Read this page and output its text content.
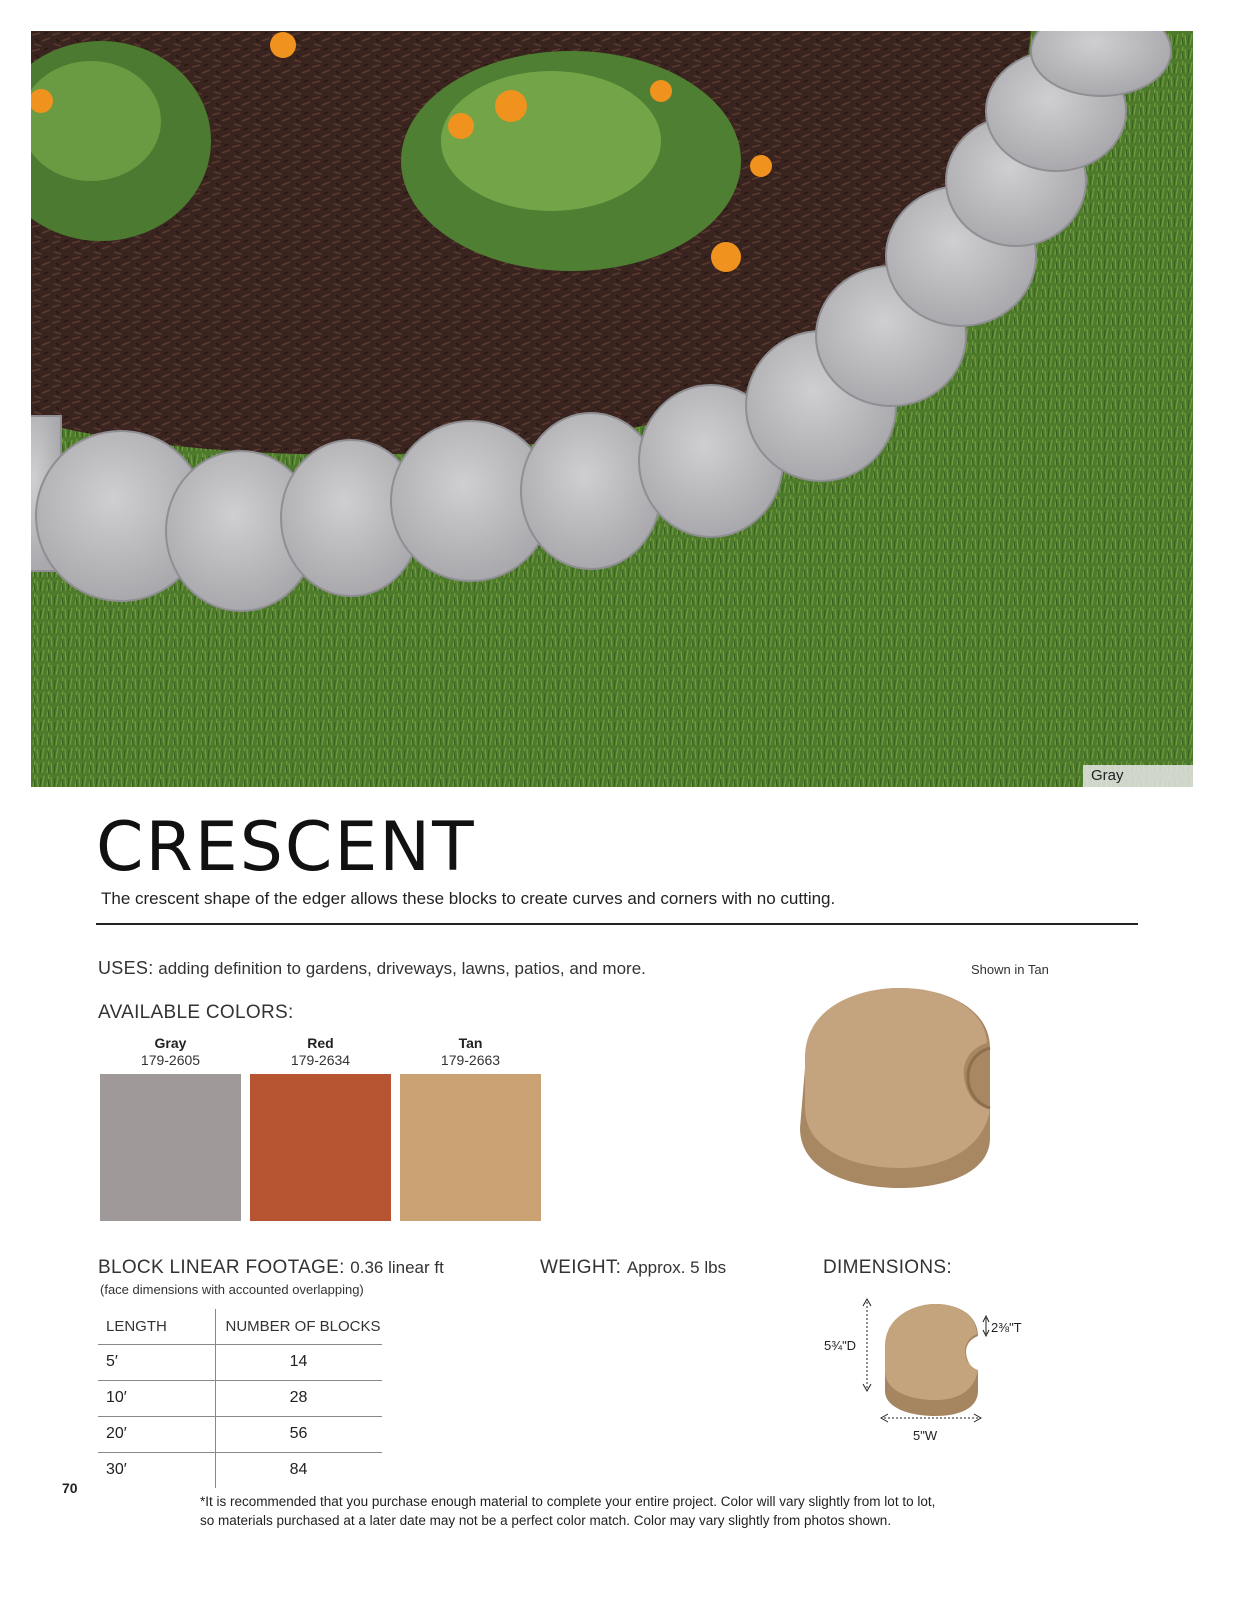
Gray
CRESCENT
The crescent shape of the edger allows these blocks to create curves and corners with no cutting.
USES: adding definition to gardens, driveways, lawns, patios, and more.	Shown in Tan
AVAILABLE COLORS:
Gray
179-2605
Red
179-2634
Tan
179-2663
BLOCK LINEAR FOOTAGE: 0.36 linear ft
(face dimensions with accounted overlapping)
WEIGHT: Approx. 5 lbs	DIMENSIONS:
LENGTH	NUMBER OF BLOCKS
5′	14
10′	28
20′	56
30′	84
5¾"D
5"W
2⅜"T
70
*It is recommended that you purchase enough material to complete your entire project. Color will vary slightly from lot to lot,
so materials purchased at a later date may not be a perfect color match. Color may vary slightly from photos shown.
